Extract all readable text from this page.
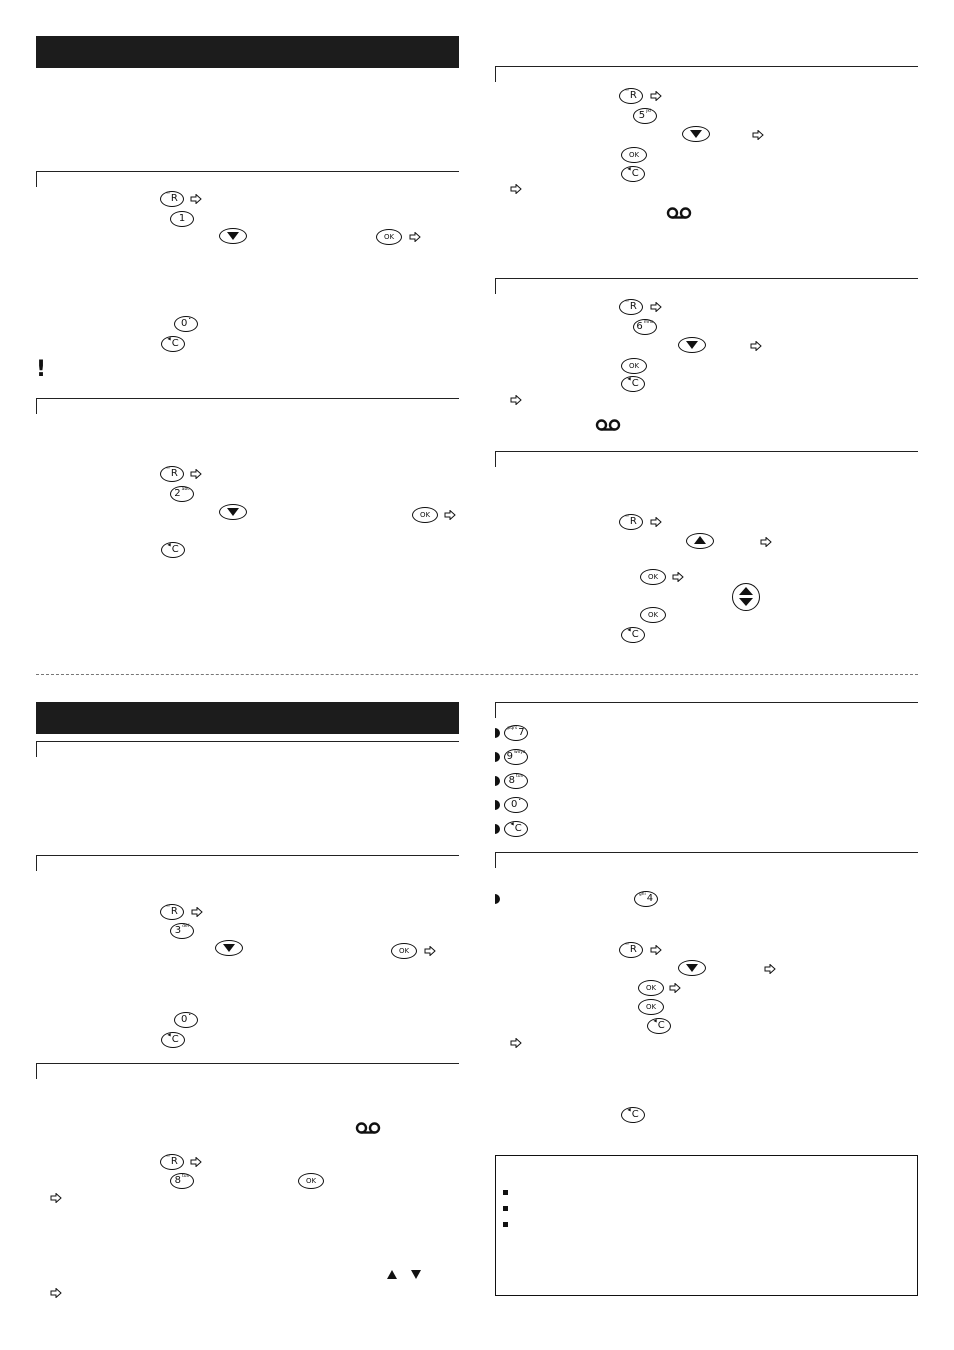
⁰⁰ R
1
OK
0 •
◀ C
!
⁰⁰ R
2 abc
OK
◀ C
⁰⁰ R
5 jkl
OK
◀ C
⁰⁰ R
6 mno
OK
◀ C
⁰⁰ R
OK
OK
◀ C
⁰⁰ R
3 def
OK
0 •
◀ C
⁰⁰ R
8 tuv
OK
pqrs 7
9 wxyz
8 tuv
0 •
◀ C
ghi 4
⁰⁰ R
OK
OK
◀ C
◀ C
